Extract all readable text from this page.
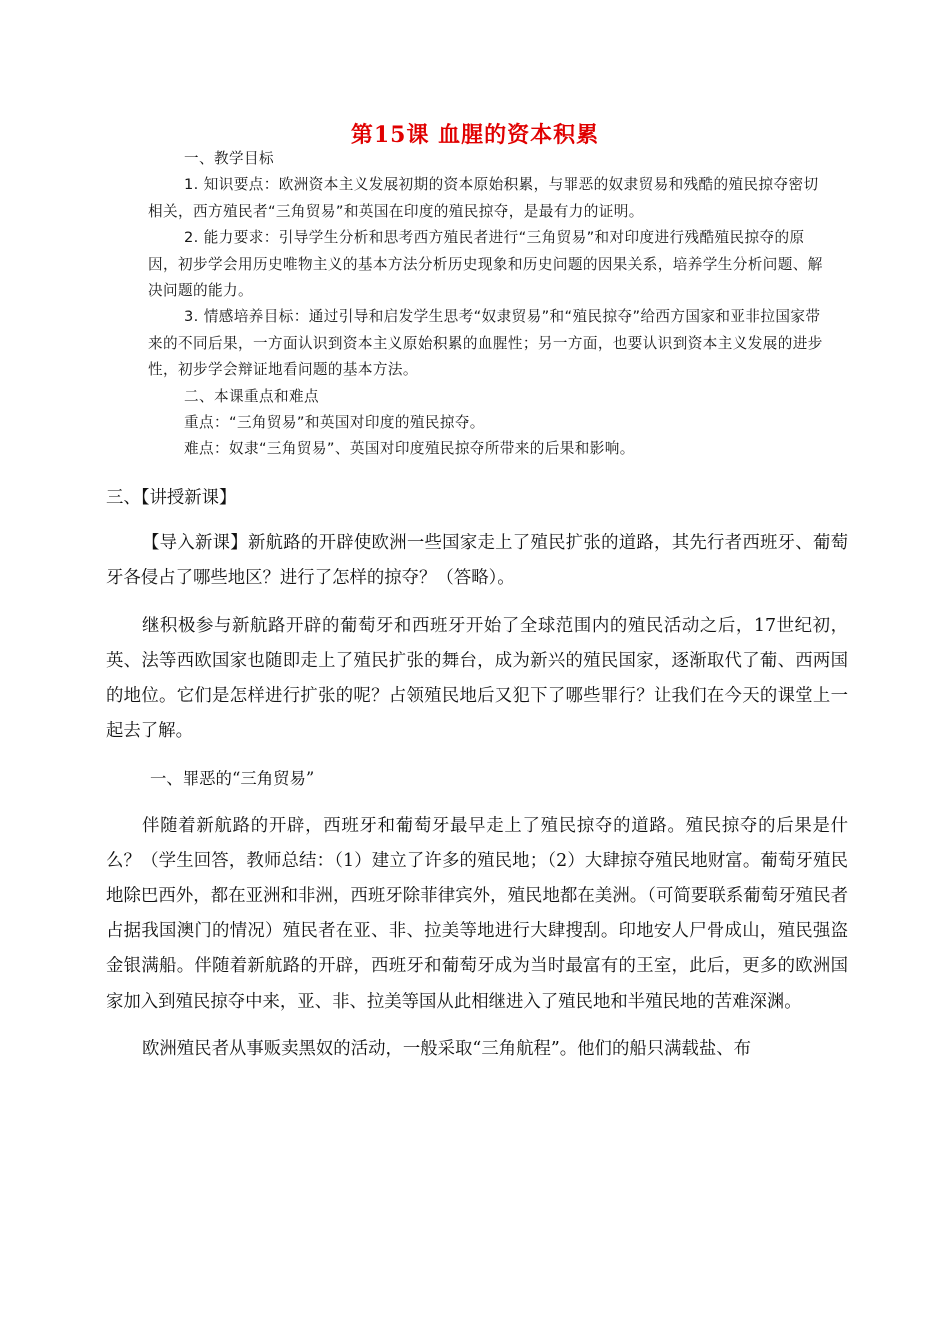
第15课 血腥的资本积累

一、教学目标

1. 知识要点：欧洲资本主义发展初期的资本原始积累，与罪恶的奴隶贸易和残酷的殖民掠夺密切相关，西方殖民者“三角贸易”和英国在印度的殖民掠夺，是最有力的证明。

2. 能力要求：引导学生分析和思考西方殖民者进行“三角贸易”和对印度进行残酷殖民掠夺的原因，初步学会用历史唯物主义的基本方法分析历史现象和历史问题的因果关系，培养学生分析问题、解决问题的能力。

3. 情感培养目标：通过引导和启发学生思考“奴隶贸易”和“殖民掠夺”给西方国家和亚非拉国家带来的不同后果，一方面认识到资本主义原始积累的血腥性；另一方面，也要认识到资本主义发展的进步性，初步学会辩证地看问题的基本方法。

二、本课重点和难点

重点：“三角贸易”和英国对印度的殖民掠夺。

难点：奴隶“三角贸易”、英国对印度殖民掠夺所带来的后果和影响。

三、【讲授新课】

【导入新课】新航路的开辟使欧洲一些国家走上了殖民扩张的道路，其先行者西班牙、葡萄牙各侵占了哪些地区？进行了怎样的掠夺？（答略）。

继积极参与新航路开辟的葡萄牙和西班牙开始了全球范围内的殖民活动之后，17世纪初，英、法等西欧国家也随即走上了殖民扩张的舞台，成为新兴的殖民国家，逐渐取代了葡、西两国的地位。它们是怎样进行扩张的呢？占领殖民地后又犯下了哪些罪行？让我们在今天的课堂上一起去了解。

一、罪恶的“三角贸易”

伴随着新航路的开辟，西班牙和葡萄牙最早走上了殖民掠夺的道路。殖民掠夺的后果是什么？（学生回答，教师总结：（1）建立了许多的殖民地；（2）大肆掠夺殖民地财富。葡萄牙殖民地除巴西外，都在亚洲和非洲，西班牙除菲律宾外，殖民地都在美洲。（可简要联系葡萄牙殖民者占据我国澳门的情况）殖民者在亚、非、拉美等地进行大肆搜刮。印地安人尸骨成山，殖民强盗金银满船。伴随着新航路的开辟，西班牙和葡萄牙成为当时最富有的王室，此后，更多的欧洲国家加入到殖民掠夺中来，亚、非、拉美等国从此相继进入了殖民地和半殖民地的苦难深渊。

欧洲殖民者从事贩卖黑奴的活动，一般采取“三角航程”。他们的船只满载盐、布
